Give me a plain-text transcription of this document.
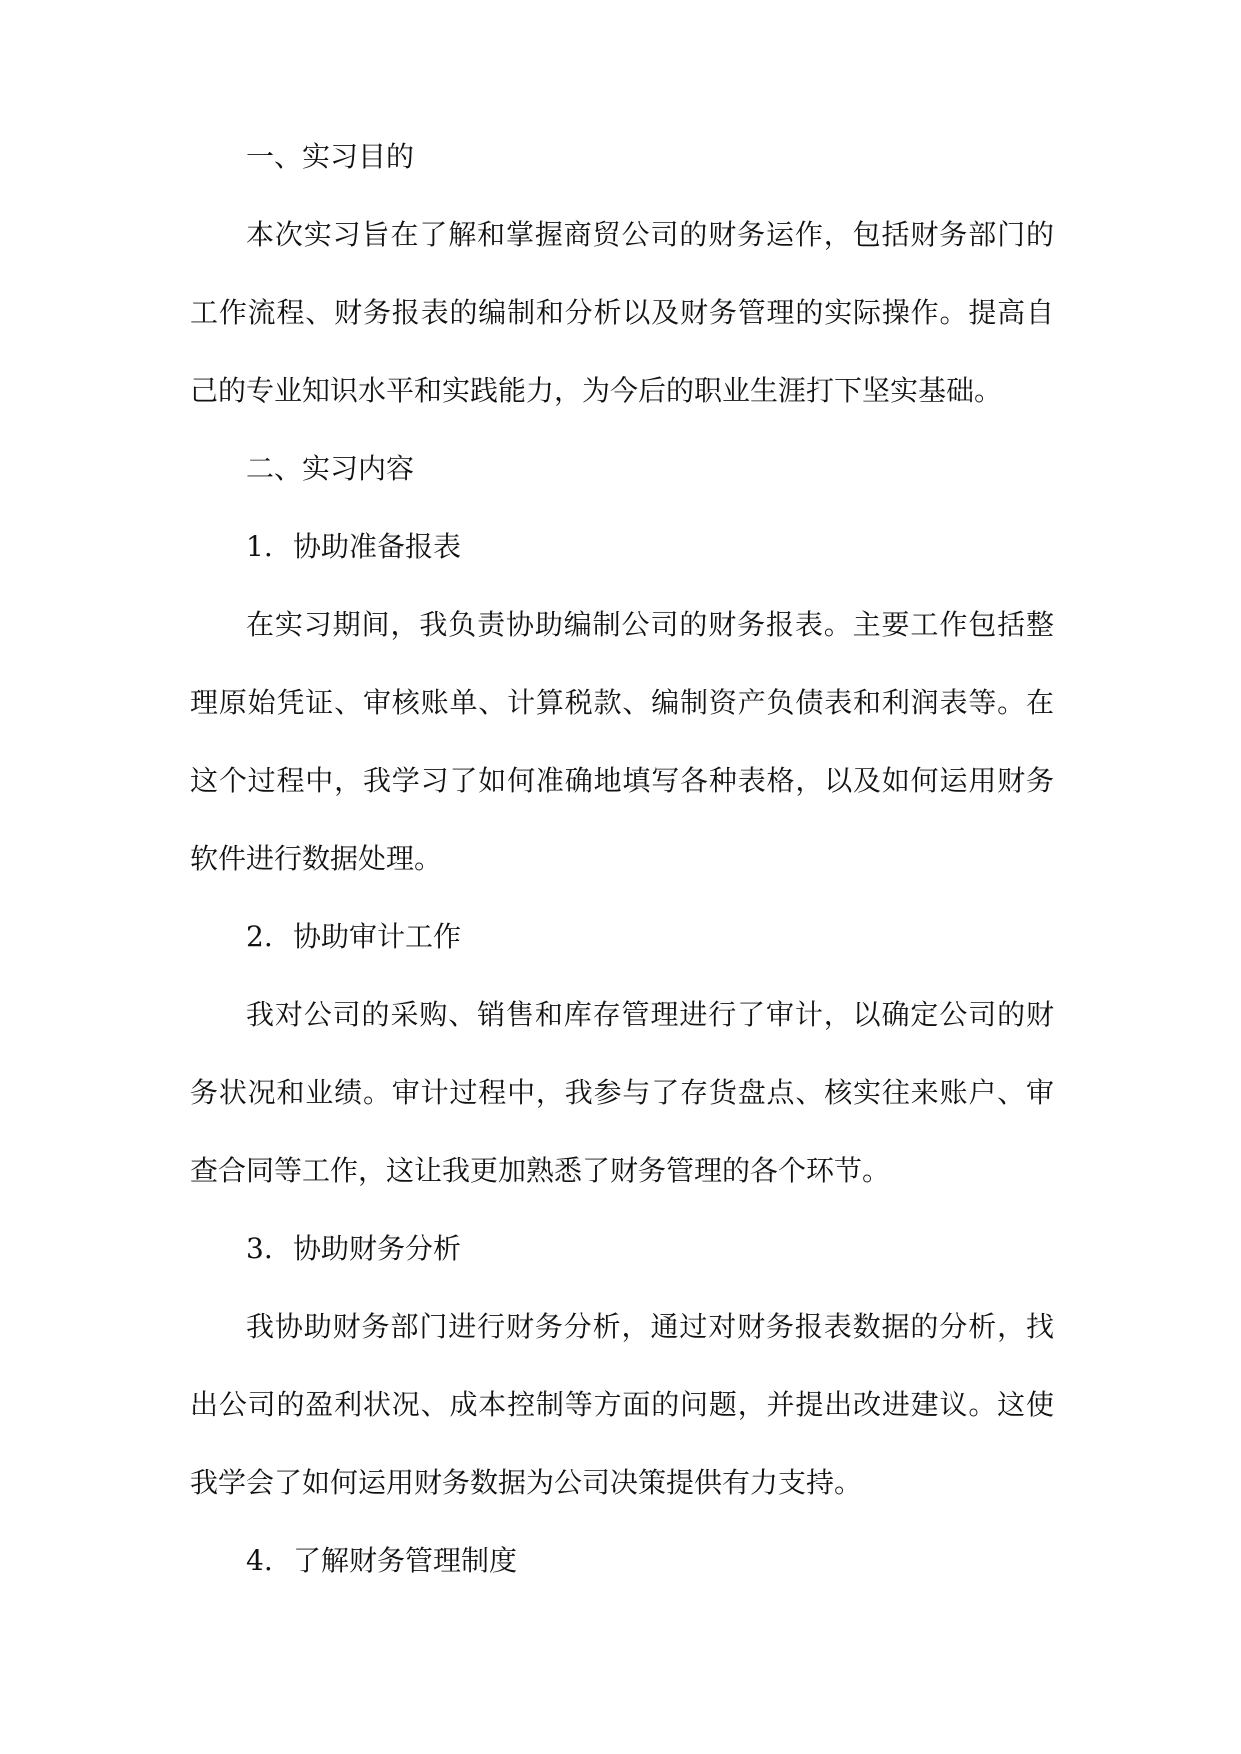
一、实习目的
本次实习旨在了解和掌握商贸公司的财务运作，包括财务部门的
工作流程、财务报表的编制和分析以及财务管理的实际操作。提高自
己的专业知识水平和实践能力，为今后的职业生涯打下坚实基础。
二、实习内容
1. 协助准备报表
在实习期间，我负责协助编制公司的财务报表。主要工作包括整
理原始凭证、审核账单、计算税款、编制资产负债表和利润表等。在
这个过程中，我学习了如何准确地填写各种表格，以及如何运用财务
软件进行数据处理。
2. 协助审计工作
我对公司的采购、销售和库存管理进行了审计，以确定公司的财
务状况和业绩。审计过程中，我参与了存货盘点、核实往来账户、审
查合同等工作，这让我更加熟悉了财务管理的各个环节。
3. 协助财务分析
我协助财务部门进行财务分析，通过对财务报表数据的分析，找
出公司的盈利状况、成本控制等方面的问题，并提出改进建议。这使
我学会了如何运用财务数据为公司决策提供有力支持。
4. 了解财务管理制度
